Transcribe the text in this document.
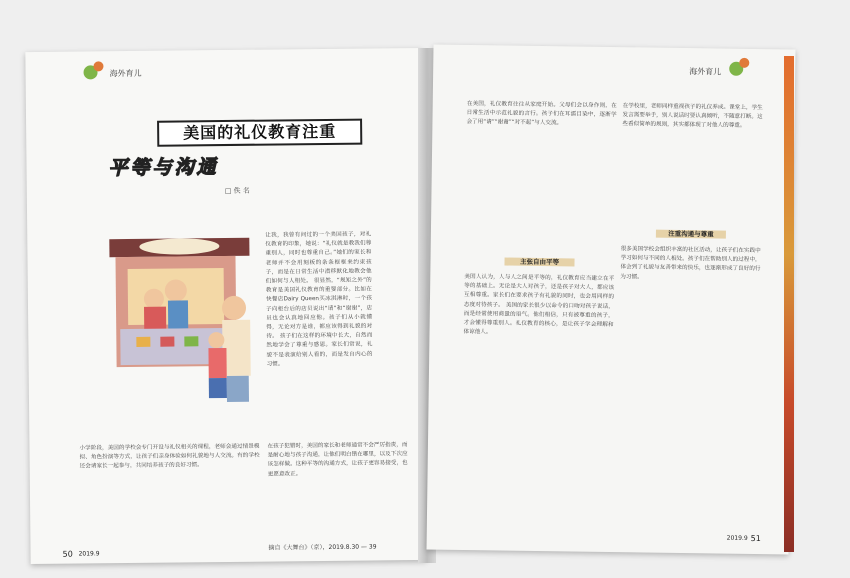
海外育儿
美国的礼仪教育注重
平等与沟通
□ 佚 名
让我，我曾有问过的一个美国孩子，对礼仪教育的印象，她说：“礼仪就是教我们尊重别人，同时也尊重自己。”她们的家长和老师并不会用刻板的条条框框来约束孩子，而是在日常生活中潜移默化地教会他们如何与人相处。 很显然，“规矩之外”的教育是美国礼仪教育的重要部分。比如在快餐店Dairy Queen买冰淇淋时，一个孩子向柜台后的店员说出“请”和“谢谢”，店员也会认真地回应他。孩子们从小就懂得，无论对方是谁，都应该得到礼貌的对待。 孩子们在这样的环境中长大，自然而然地学会了尊重与感恩。家长们常说，礼貌不是表演给别人看的，而是发自内心的习惯。
小学阶段，美国的学校会专门开设与礼仪相关的课程，老师会通过情景模拟、角色扮演等方式，让孩子们亲身体验如何礼貌地与人交流。有的学校还会请家长一起参与，共同培养孩子的良好习惯。
在孩子犯错时，美国的家长和老师通常不会严厉指责，而是耐心地与孩子沟通，让他们明白错在哪里，以及下次应该怎样做。这种平等的沟通方式，让孩子更容易接受，也更愿意改正。
摘自《大舞台》（京），2019.8.30 — 39
50 2019.9
海外育儿
在美国，礼仪教育往往从家庭开始。父母们会以身作则，在日常生活中示范礼貌的言行。孩子们在耳濡目染中，逐渐学会了用“请”“谢谢”“对不起”与人交流。
在学校里，老师同样重视孩子的礼仪养成。课堂上，学生发言需要举手，别人说话时要认真倾听，不随意打断。这些看似简单的规则，其实都体现了对他人的尊重。
注重沟通与尊重
主张自由平等
美国人认为，人与人之间是平等的，礼仪教育应当建立在平等的基础上。无论是大人对孩子，还是孩子对大人，都应该互相尊重。家长们在要求孩子有礼貌的同时，也会用同样的态度对待孩子。 美国的家长很少以命令的口吻对孩子说话，而是经常使用商量的语气。他们相信，只有被尊重的孩子，才会懂得尊重别人。礼仪教育的核心，是让孩子学会理解和体谅他人。
很多美国学校会组织丰富的社区活动，让孩子们在实践中学习如何与不同的人相处。孩子们在帮助别人的过程中，体会到了礼貌与友善带来的快乐，也逐渐形成了良好的行为习惯。
2019.9 51
